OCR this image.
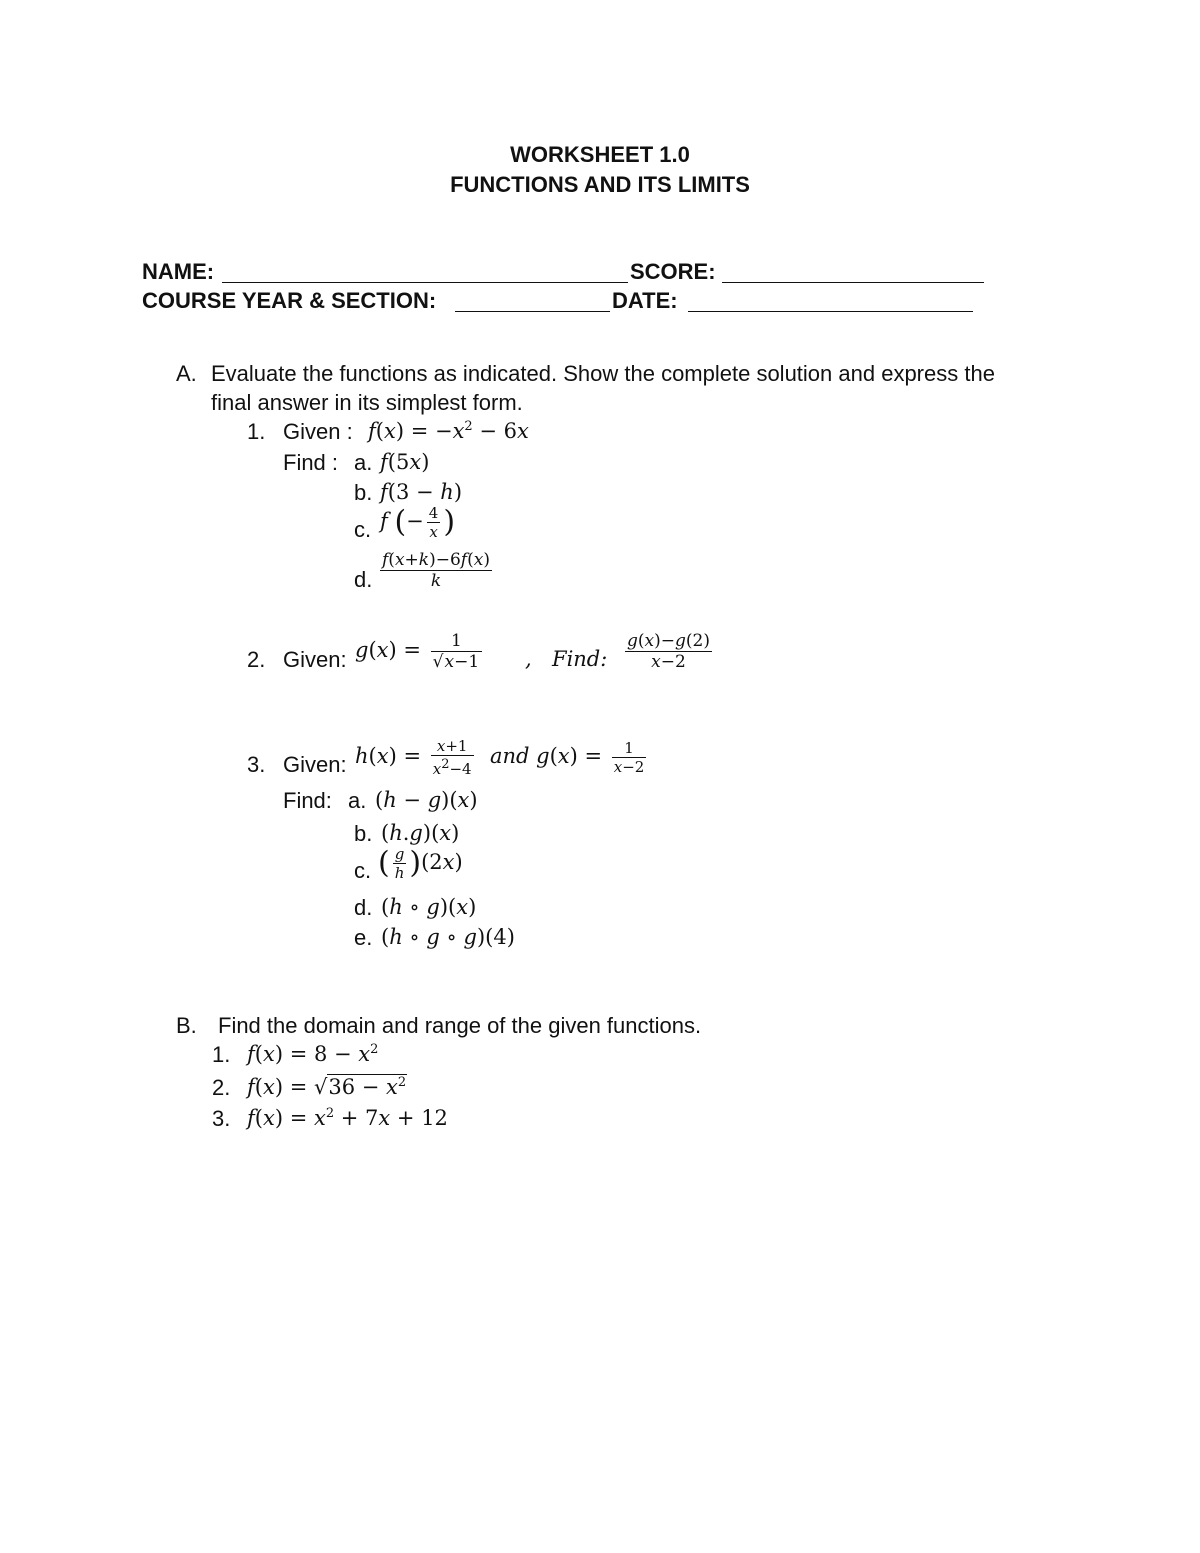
WORKSHEET 1.0
FUNCTIONS AND ITS LIMITS
NAME:	SCORE:
COURSE YEAR & SECTION:	DATE:
A. Evaluate the functions as indicated. Show the complete solution and express the
final answer in its simplest form.
1. Given : $f(x) = -x^2 - 6x$
Find : a. f(5x)
b. f(3 − h)
c. f (− $\frac{4}{x}$ )
d. $\frac{f(x+k)-6f(x)}{k}$
2. Given: $g(x) = \frac{1}{√x-1}$ , Find: $\frac{g(x)-g(2)}{x-2}$
3. Given: $h(x) = \frac{x+1}{x^2-4}$ and $g(x) = \frac{1}{x-2}$
Find: a. (h − g)(x)
b. (h.g)(x)
c. ( $\frac{g}{h} )(2x)$
d. (h ∘ g)(x)
e. (h ∘ g ∘ g)(4)
B. Find the domain and range of the given functions.
1. $f(x) = 8 - x^2$
2. $f(x) = √36 - x^2$
3. $f(x) = x^2 + 7x + 12$
